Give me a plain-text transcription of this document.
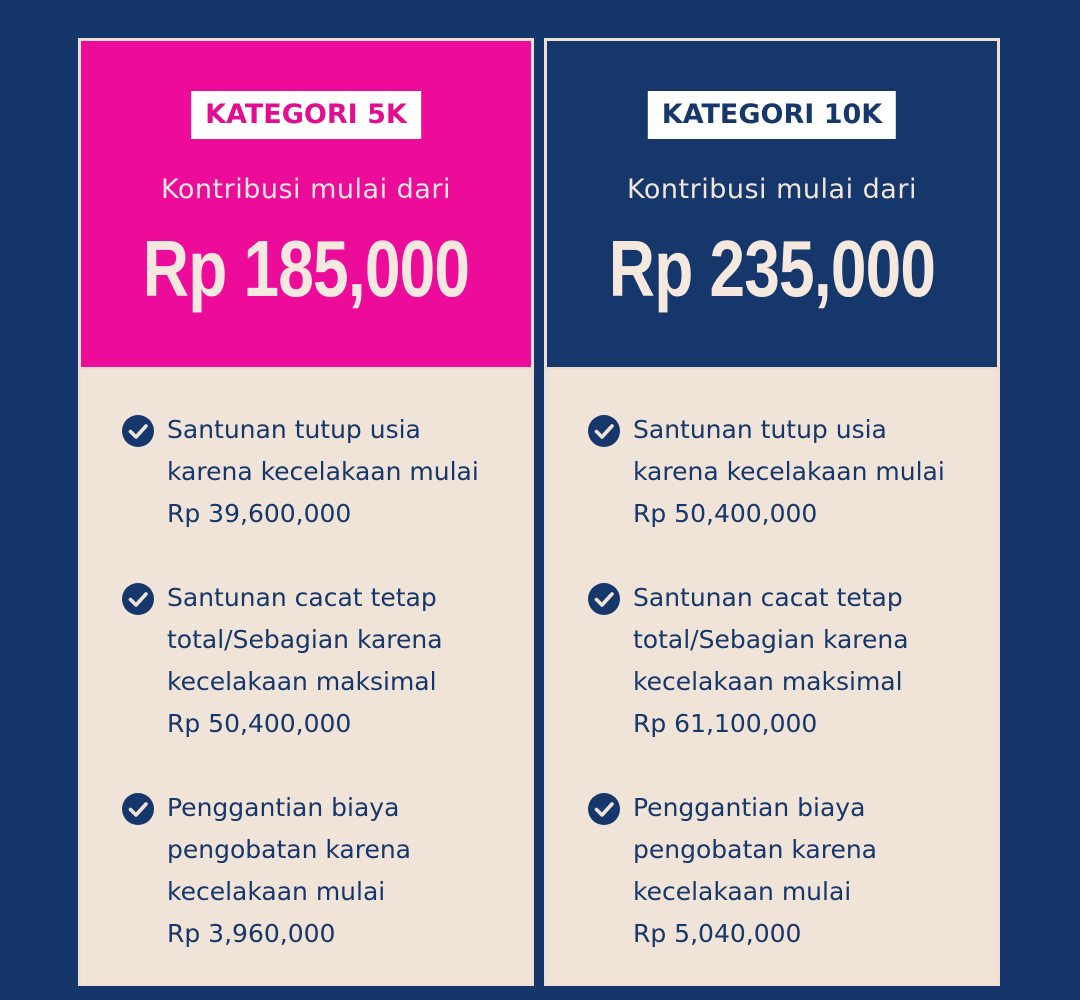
KATEGORI 5K
Kontribusi mulai dari
Rp 185,000
Santunan tutup usia
karena kecelakaan mulai
Rp 39,600,000
Santunan cacat tetap
total/Sebagian karena
kecelakaan maksimal
Rp 50,400,000
Penggantian biaya
pengobatan karena
kecelakaan mulai
Rp 3,960,000
KATEGORI 10K
Kontribusi mulai dari
Rp 235,000
Santunan tutup usia
karena kecelakaan mulai
Rp 50,400,000
Santunan cacat tetap
total/Sebagian karena
kecelakaan maksimal
Rp 61,100,000
Penggantian biaya
pengobatan karena
kecelakaan mulai
Rp 5,040,000
